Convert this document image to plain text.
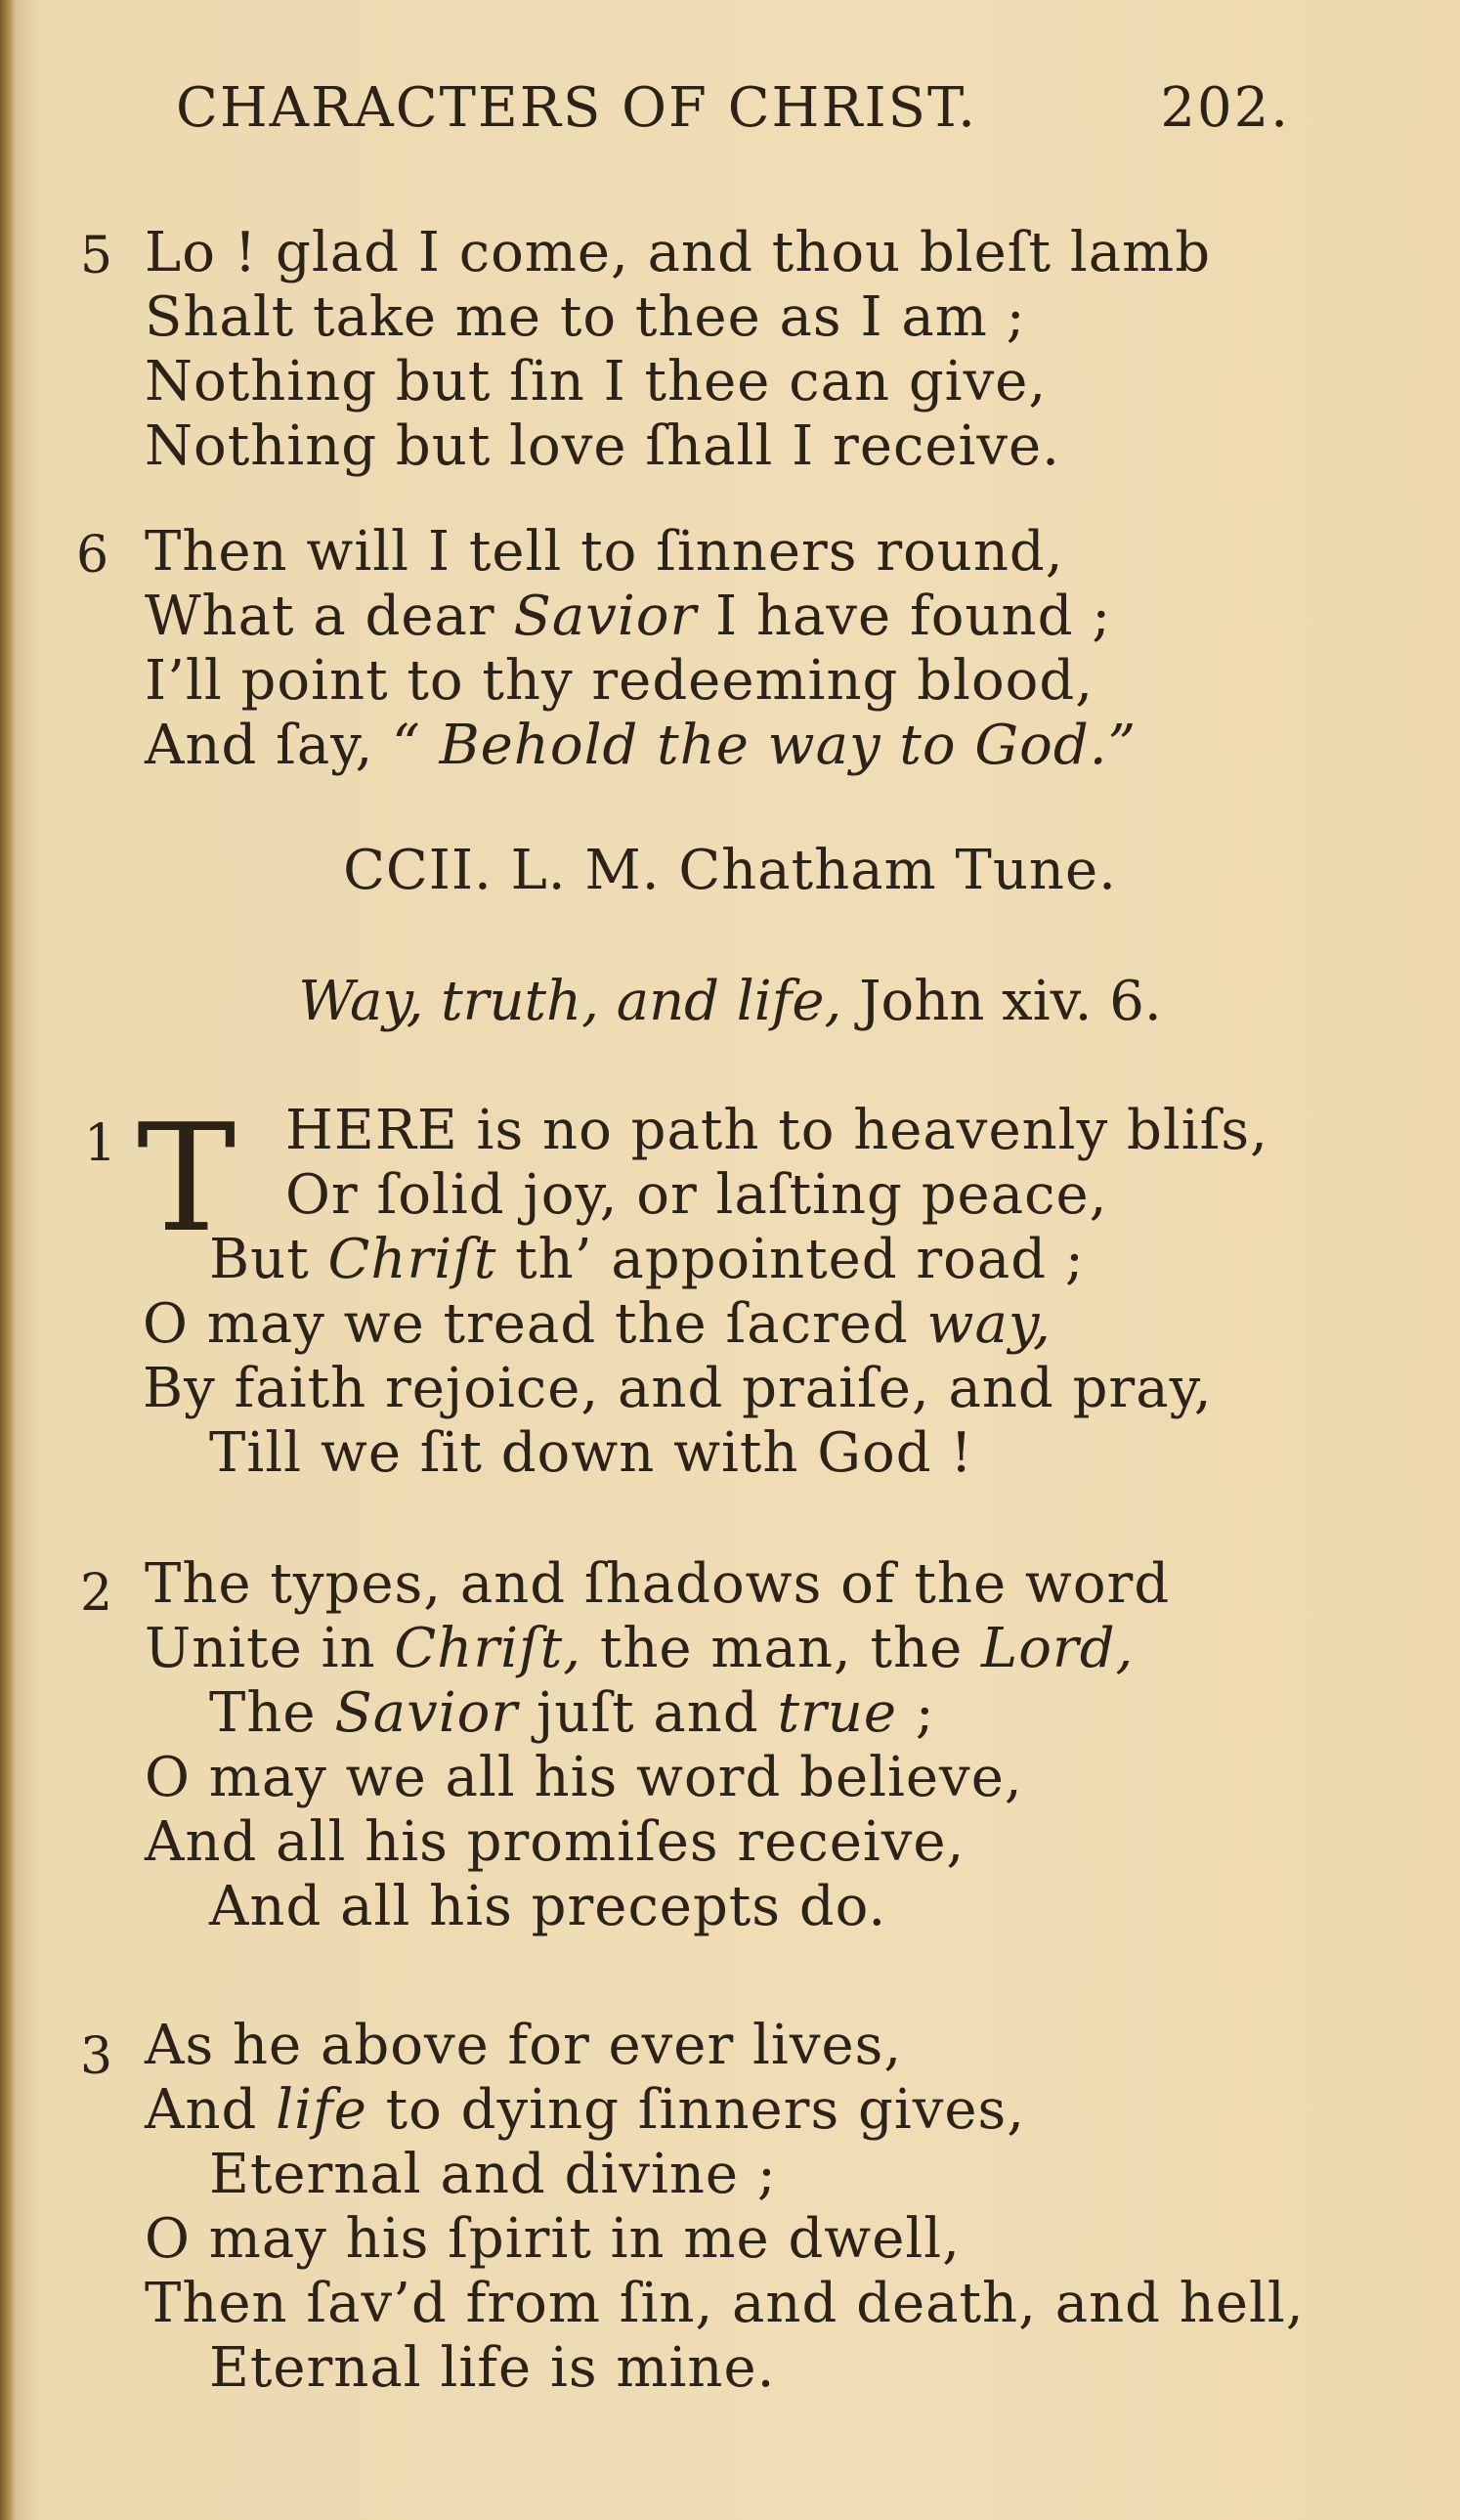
CHARACTERS OF CHRIST.	202.
5 Lo ! glad I come, and thou bleſt lamb
Shalt take me to thee as I am ;
Nothing but ſin I thee can give,
Nothing but love ſhall I receive.
6 Then will I tell to ſinners round,
What a dear Savior I have found ;
I’ll point to thy redeeming blood,
And ſay, “ Behold the way to God.”
CCII. L. M. Chatham Tune.
Way, truth, and life, John xiv. 6.
1 T HERE is no path to heavenly bliſs,
Or ſolid joy, or laſting peace,
But Chriſt th’ appointed road ;
O may we tread the ſacred way,
By faith rejoice, and praiſe, and pray,
Till we ſit down with God !
2 The types, and ſhadows of the word
Unite in Chriſt, the man, the Lord,
The Savior juſt and true ;
O may we all his word believe,
And all his promiſes receive,
And all his precepts do.
3 As he above for ever lives,
And life to dying ſinners gives,
Eternal and divine ;
O may his ſpirit in me dwell,
Then ſav’d from ſin, and death, and hell,
Eternal life is mine.
